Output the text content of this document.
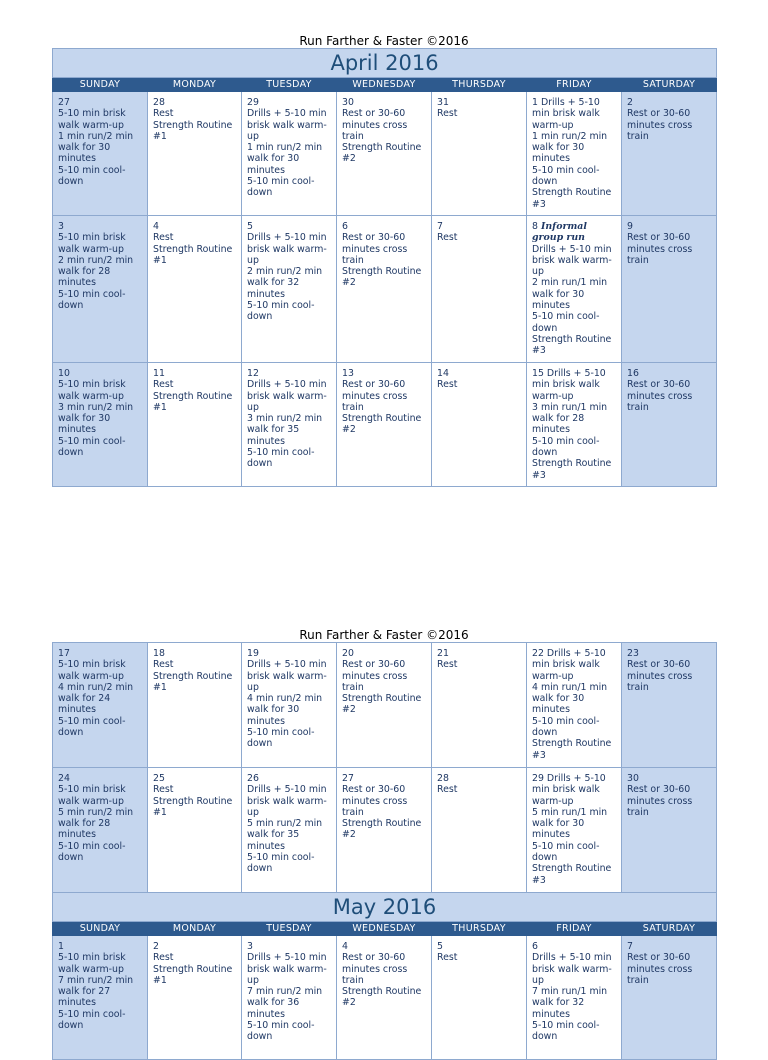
Run Farther & Faster ©2016
April 2016						
SUNDAY	MONDAY	TUESDAY	WEDNESDAY	THURSDAY	FRIDAY	SATURDAY

27
5-10 min brisk walk warm-up
1 min run/2 min walk for 30 minutes
5-10 min cool-down	28
Rest
Strength Routine #1	29
Drills + 5-10 min brisk walk warm-up
1 min run/2 min walk for 30 minutes
5-10 min cool-down	30
Rest or 30-60 minutes cross train
Strength Routine #2	31
Rest	1 Drills + 5-10 min brisk walk warm-up
1 min run/2 min walk for 30 minutes
5-10 min cool-down
Strength Routine #3	2
Rest or 30-60 minutes cross train

3
5-10 min brisk walk warm-up
2 min run/2 min walk for 28 minutes
5-10 min cool-down	4
Rest
Strength Routine #1	5
Drills + 5-10 min brisk walk warm-up
2 min run/2 min walk for 32 minutes
5-10 min cool-down	6
Rest or 30-60 minutes cross train
Strength Routine #2	7
Rest	8 Informal group run
Drills + 5-10 min brisk walk warm-up
2 min run/1 min walk for 30 minutes
5-10 min cool-down
Strength Routine #3	9
Rest or 30-60 minutes cross train

10
5-10 min brisk walk warm-up
3 min run/2 min walk for 30 minutes
5-10 min cool-down	11
Rest
Strength Routine #1	12
Drills + 5-10 min brisk walk warm-up
3 min run/2 min walk for 35 minutes
5-10 min cool-down	13
Rest or 30-60 minutes cross train
Strength Routine #2	14
Rest	15 Drills + 5-10 min brisk walk warm-up
3 min run/1 min walk for 28 minutes
5-10 min cool-down
Strength Routine #3	16
Rest or 30-60 minutes cross train
Run Farther & Faster ©2016
17
5-10 min brisk walk warm-up
4 min run/2 min walk for 24 minutes
5-10 min cool-down	18
Rest
Strength Routine #1	19
Drills + 5-10 min brisk walk warm-up
4 min run/2 min walk for 30 minutes
5-10 min cool-down	20
Rest or 30-60 minutes cross train
Strength Routine #2	21
Rest	22 Drills + 5-10 min brisk walk warm-up
4 min run/1 min walk for 30 minutes
5-10 min cool-down
Strength Routine #3	23
Rest or 30-60 minutes cross train

24
5-10 min brisk walk warm-up
5 min run/2 min walk for 28 minutes
5-10 min cool-down	25
Rest
Strength Routine #1	26
Drills + 5-10 min brisk walk warm-up
5 min run/2 min walk for 35 minutes
5-10 min cool-down	27
Rest or 30-60 minutes cross train
Strength Routine #2	28
Rest	29 Drills + 5-10 min brisk walk warm-up
5 min run/1 min walk for 30 minutes
5-10 min cool-down
Strength Routine #3	30
Rest or 30-60 minutes cross train

May 2016						
SUNDAY	MONDAY	TUESDAY	WEDNESDAY	THURSDAY	FRIDAY	SATURDAY

1
5-10 min brisk walk warm-up
7 min run/2 min walk for 27 minutes
5-10 min cool-down	2
Rest
Strength Routine #1	3
Drills + 5-10 min brisk walk warm-up
7 min run/2 min walk for 36 minutes
5-10 min cool-down	4
Rest or 30-60 minutes cross train
Strength Routine #2	5
Rest	6
Drills + 5-10 min brisk walk warm-up
7 min run/1 min walk for 32 minutes
5-10 min cool-down	7
Rest or 30-60 minutes cross train
